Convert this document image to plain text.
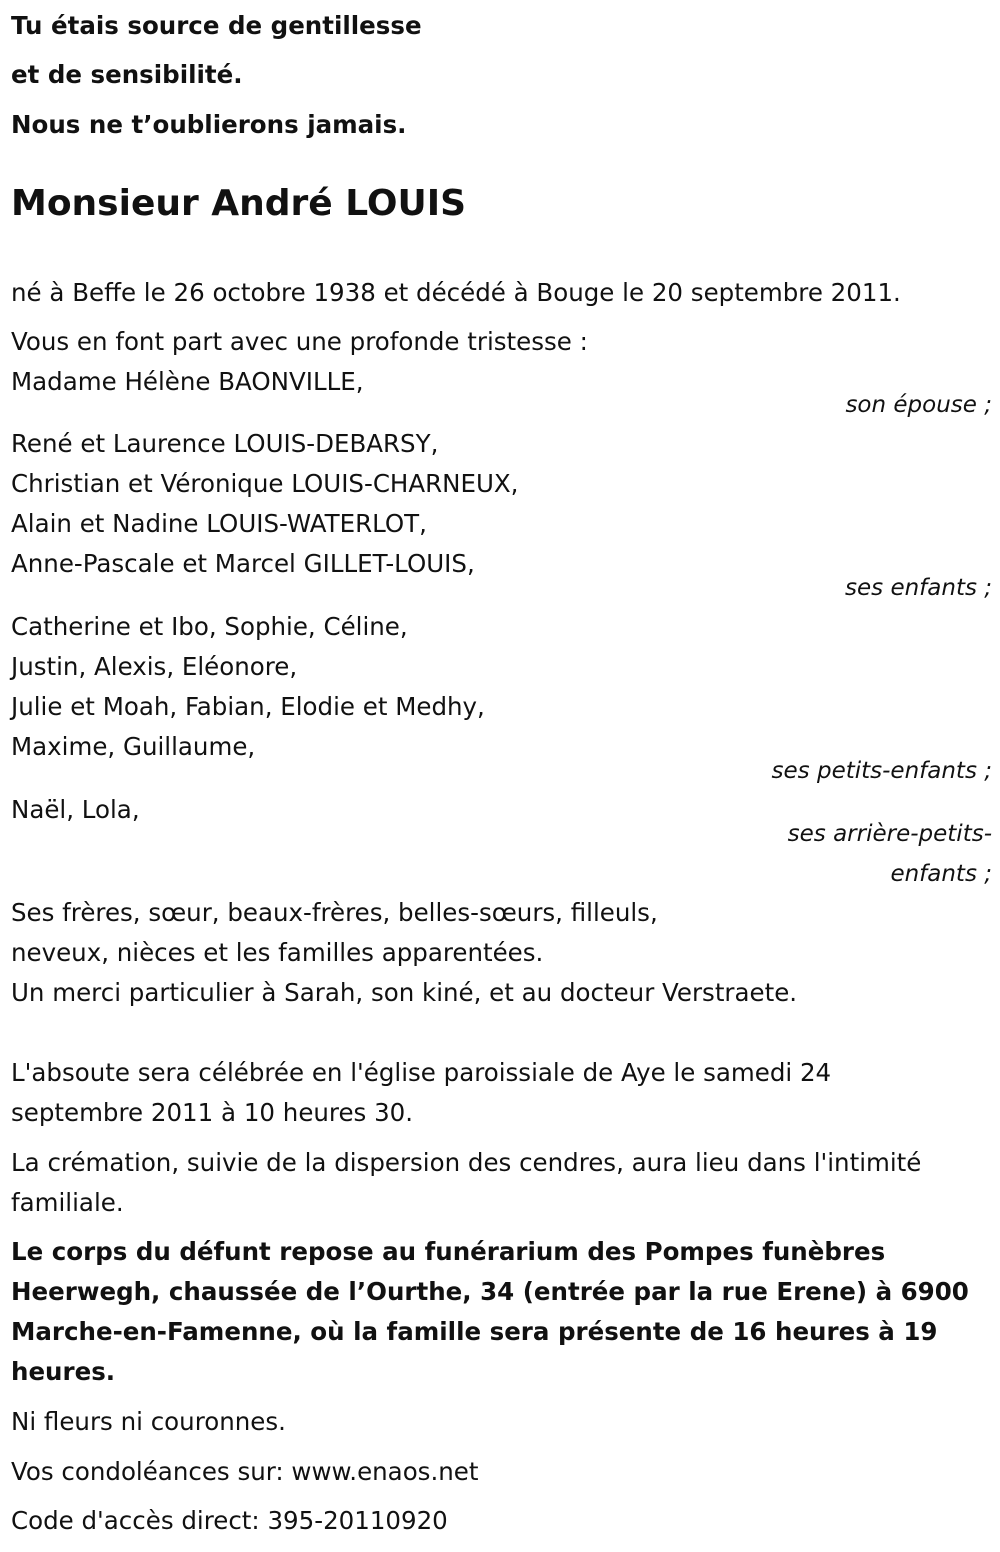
Tu étais source de gentillesse
et de sensibilité.
Nous ne t’oublierons jamais.
Monsieur André LOUIS
né à Beffe le 26 octobre 1938 et décédé à Bouge le 20 septembre 2011.
Vous en font part avec une profonde tristesse :
Madame Hélène BAONVILLE,
son épouse ;
René et Laurence LOUIS-DEBARSY,
Christian et Véronique LOUIS-CHARNEUX,
Alain et Nadine LOUIS-WATERLOT,
Anne-Pascale et Marcel GILLET-LOUIS,
ses enfants ;
Catherine et Ibo, Sophie, Céline,
Justin, Alexis, Eléonore,
Julie et Moah, Fabian, Elodie et Medhy,
Maxime, Guillaume,
ses petits-enfants ;
Naël, Lola,
ses arrière-petits-
enfants ;
Ses frères, sœur, beaux-frères, belles-sœurs, filleuls,
neveux, nièces et les familles apparentées.
Un merci particulier à Sarah, son kiné, et au docteur Verstraete.
L'absoute sera célébrée en l'église paroissiale de Aye le samedi 24
septembre 2011 à 10 heures 30.
La crémation, suivie de la dispersion des cendres, aura lieu dans l'intimité
familiale.
Le corps du défunt repose au funérarium des Pompes funèbres
Heerwegh, chaussée de l’Ourthe, 34 (entrée par la rue Erene) à 6900
Marche-en-Famenne, où la famille sera présente de 16 heures à 19
heures.
Ni fleurs ni couronnes.
Vos condoléances sur: www.enaos.net
Code d'accès direct: 395-20110920
